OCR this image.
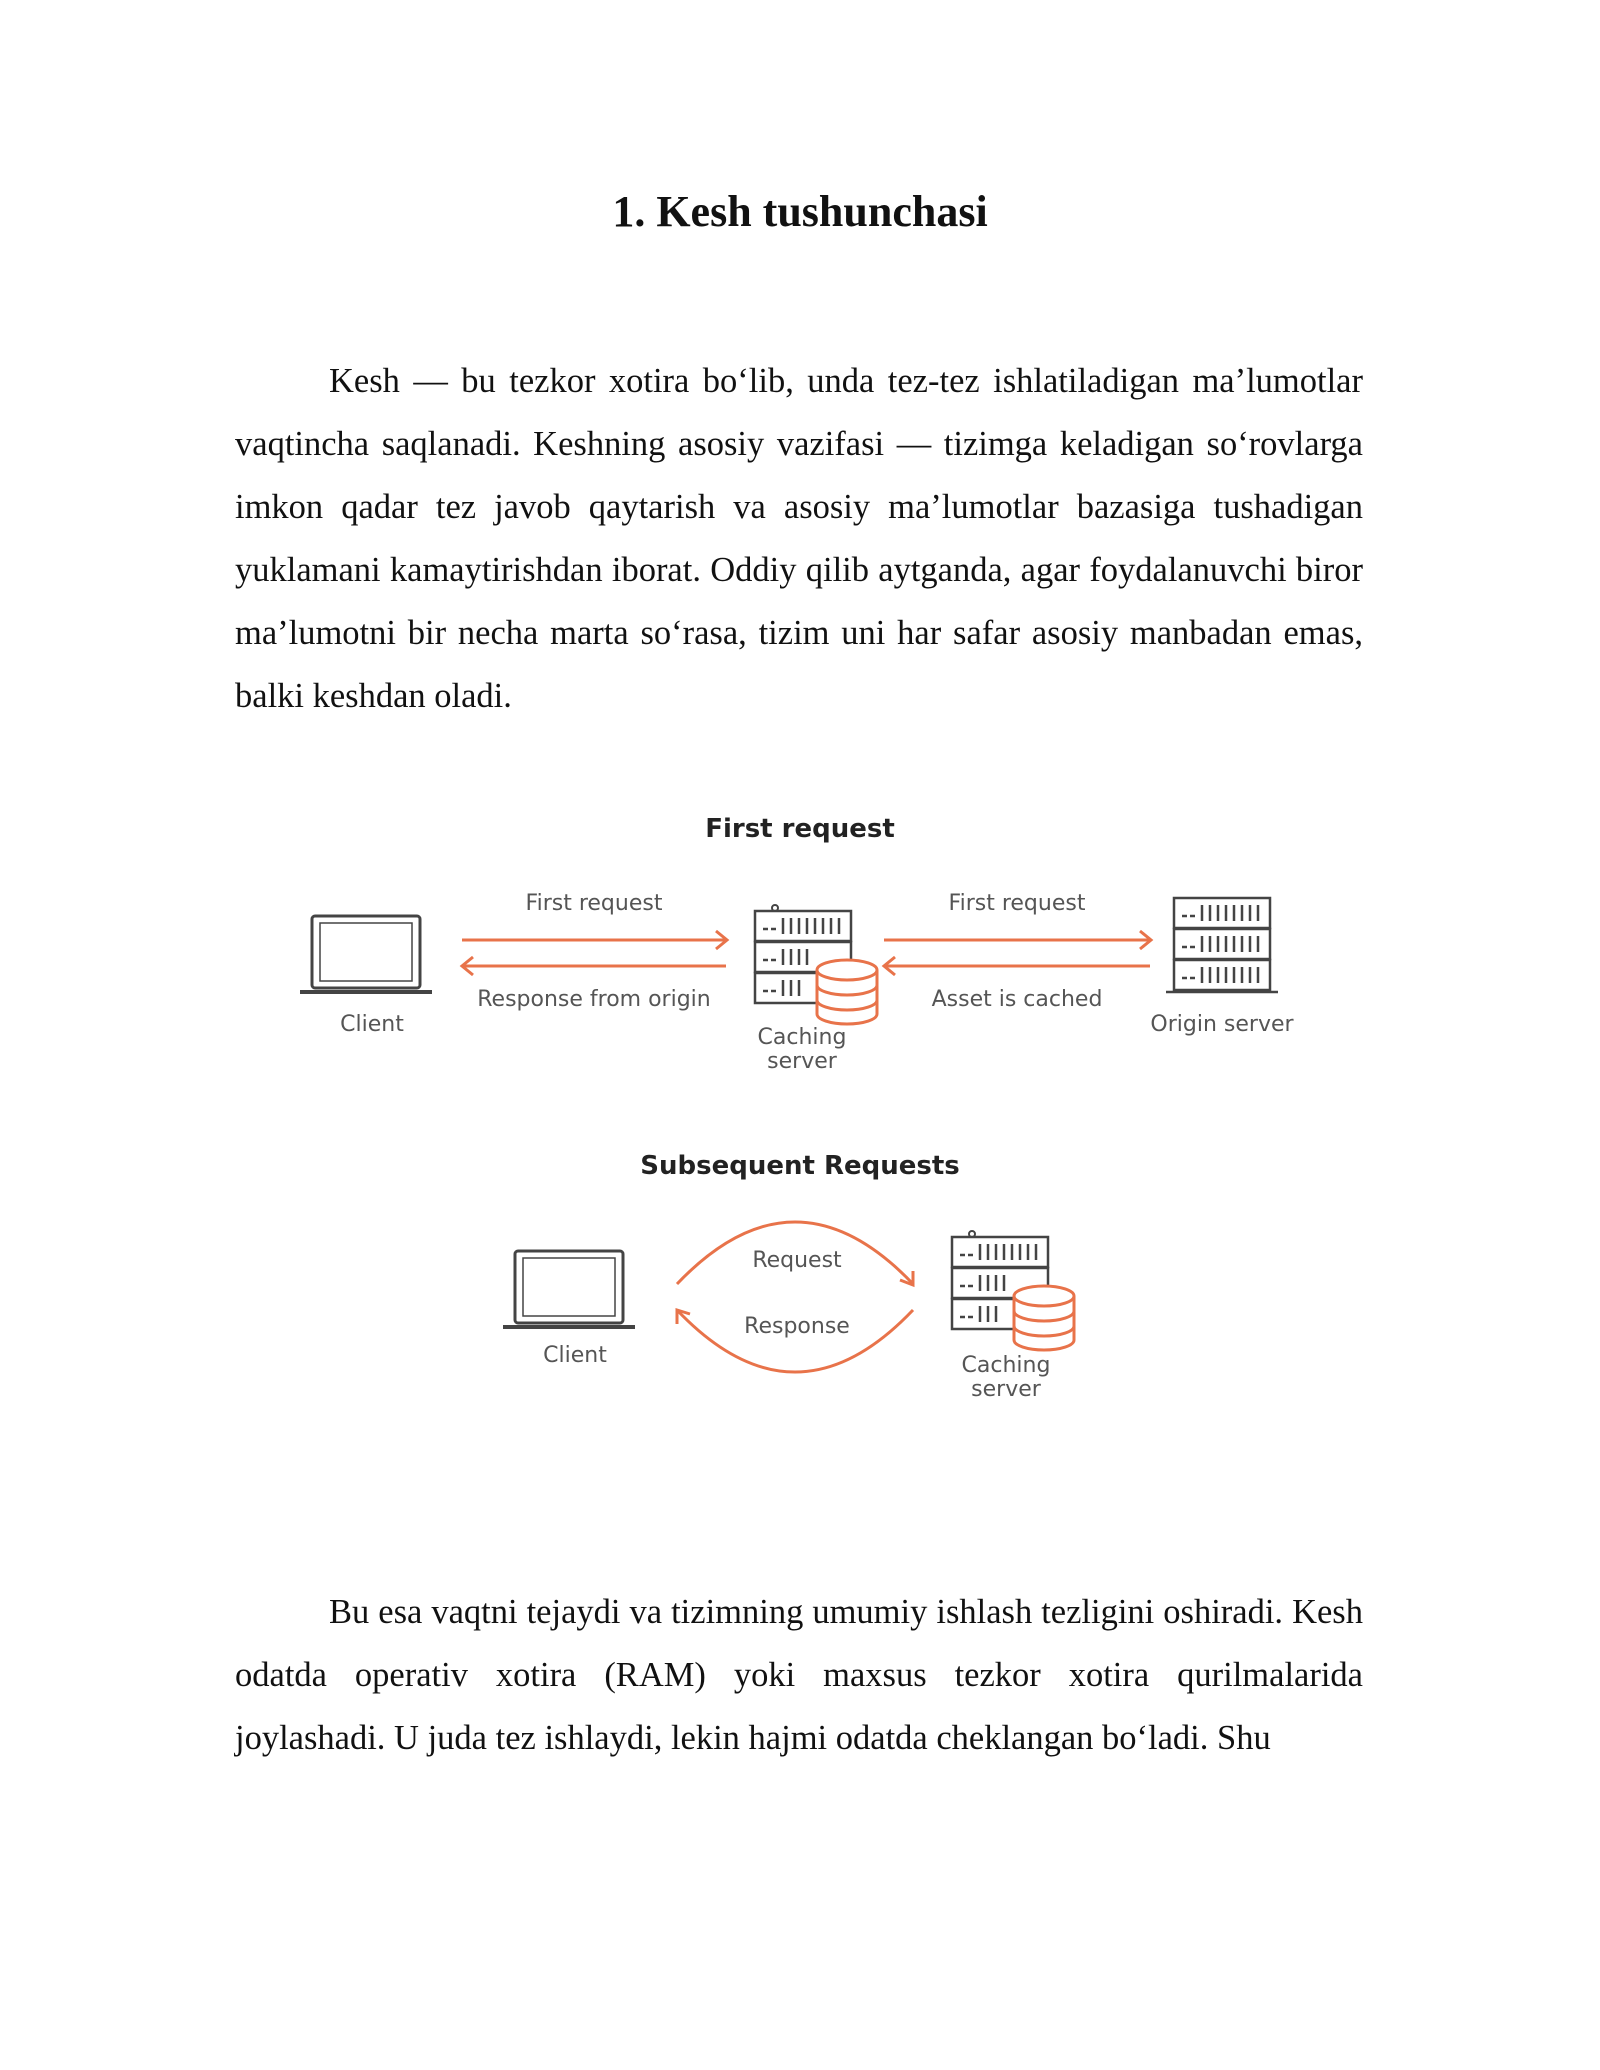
1. Kesh tushunchasi

Kesh — bu tezkor xotira bo‘lib, unda tez-tez ishlatiladigan ma’lumotlar vaqtincha saqlanadi. Keshning asosiy vazifasi — tizimga keladigan so‘rovlarga imkon qadar tez javob qaytarish va asosiy ma’lumotlar bazasiga tushadigan yuklamani kamaytirishdan iborat. Oddiy qilib aytganda, agar foydalanuvchi biror ma’lumotni bir necha marta so‘rasa, tizim uni har safar asosiy manbadan emas, balki keshdan oladi.

First request
Client
First request
Response from origin
Caching
server
First request
Asset is cached
Origin server
Subsequent Requests
Client
Request
Response
Caching
server

Bu esa vaqtni tejaydi va tizimning umumiy ishlash tezligini oshiradi. Kesh odatda operativ xotira (RAM) yoki maxsus tezkor xotira qurilmalarida joylashadi. U juda tez ishlaydi, lekin hajmi odatda cheklangan bo‘ladi. Shu
